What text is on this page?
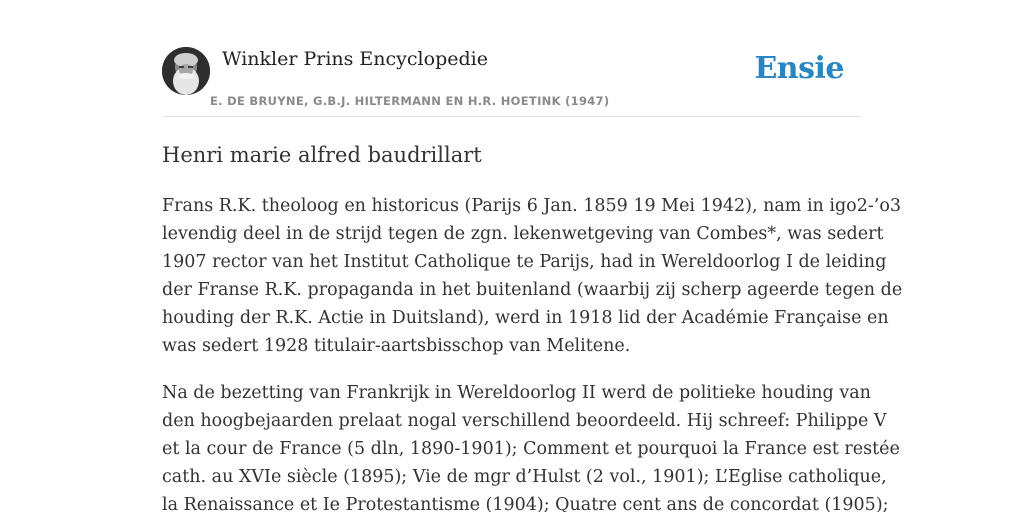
Winkler Prins Encyclopedie
E. DE BRUYNE, G.B.J. HILTERMANN EN H.R. HOETINK (1947)
Ensie
Henri marie alfred baudrillart

Frans R.K. theoloog en historicus (Parijs 6 Jan. 1859 19 Mei 1942), nam in igo2-’o3
levendig deel in de strijd tegen de zgn. lekenwetgeving van Combes*, was sedert
1907 rector van het Institut Catholique te Parijs, had in Wereldoorlog I de leiding
der Franse R.K. propaganda in het buitenland (waarbij zij scherp ageerde tegen de
houding der R.K. Actie in Duitsland), werd in 1918 lid der Académie Française en
was sedert 1928 titulair-aartsbisschop van Melitene.

Na de bezetting van Frankrijk in Wereldoorlog II werd de politieke houding van
den hoogbejaarden prelaat nogal verschillend beoordeeld. Hij schreef: Philippe V
et la cour de France (5 dln, 1890-1901); Comment et pourquoi la France est restée
cath. au XVIe siècle (1895); Vie de mgr d’Hulst (2 vol., 1901); L’Eglise catholique,
la Renaissance et Ie Protestantisme (1904); Quatre cent ans de concordat (1905);
